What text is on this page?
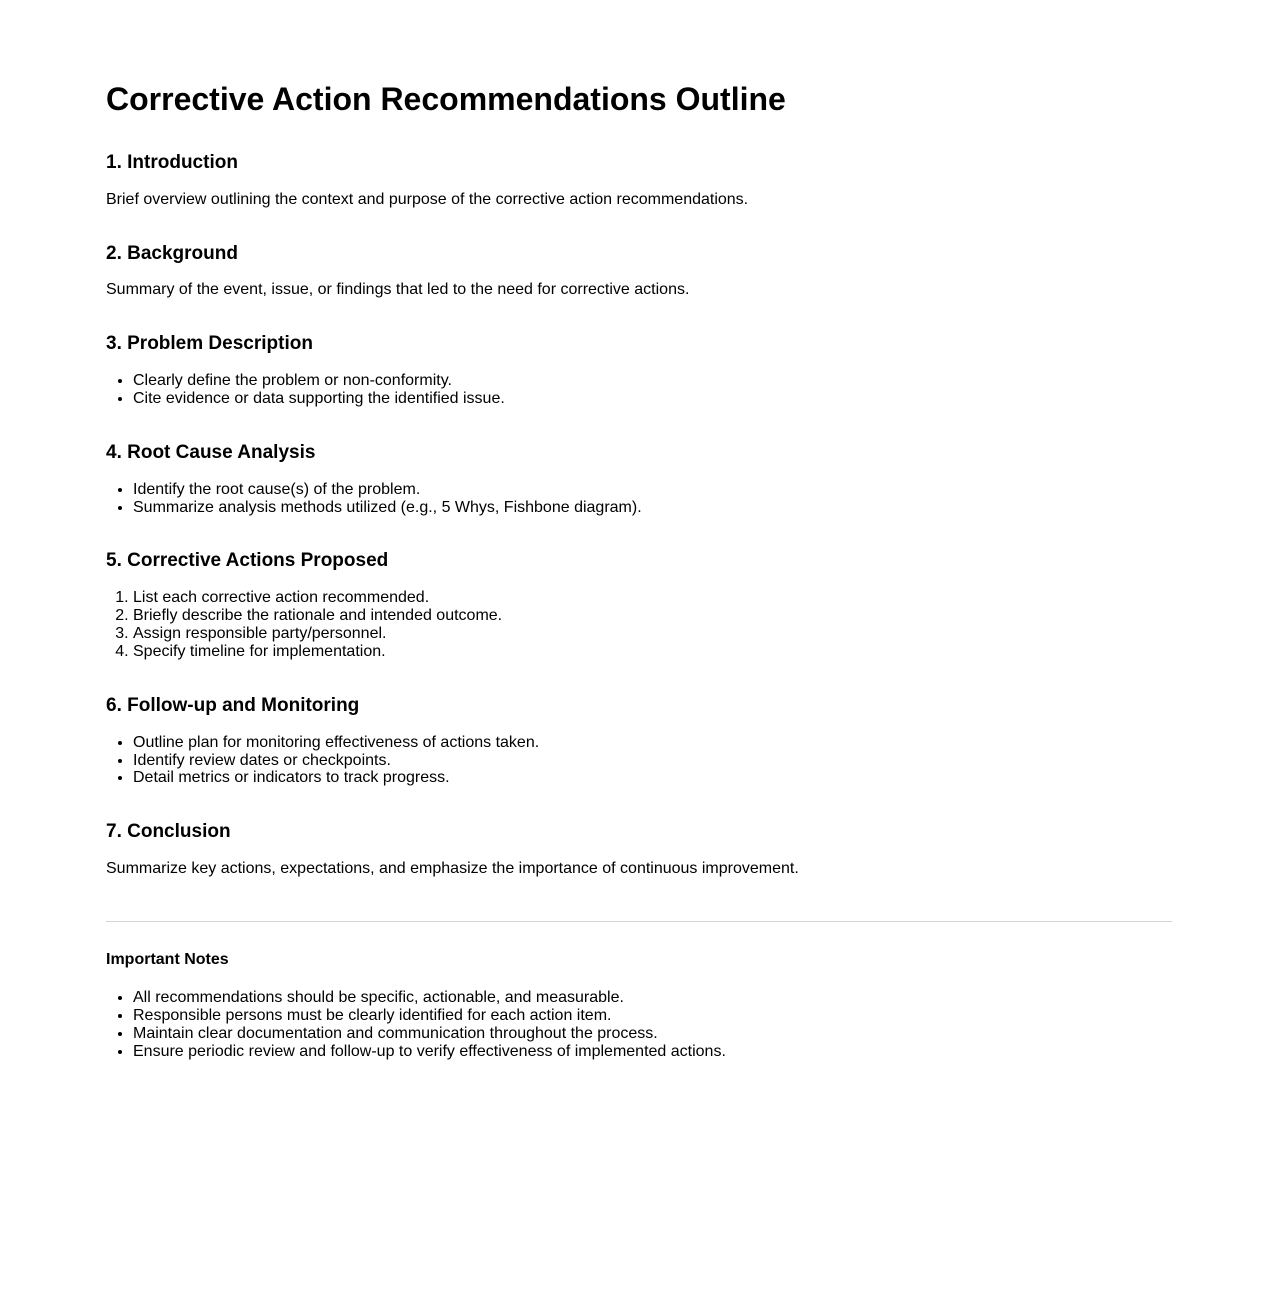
Corrective Action Recommendations Outline
1. Introduction

Brief overview outlining the context and purpose of the corrective action recommendations.

2. Background

Summary of the event, issue, or findings that led to the need for corrective actions.

3. Problem Description
• Clearly define the problem or non-conformity.
• Cite evidence or data supporting the identified issue.
4. Root Cause Analysis
• Identify the root cause(s) of the problem.
• Summarize analysis methods utilized (e.g., 5 Whys, Fishbone diagram).
5. Corrective Actions Proposed
1. List each corrective action recommended.
2. Briefly describe the rationale and intended outcome.
3. Assign responsible party/personnel.
4. Specify timeline for implementation.
6. Follow-up and Monitoring
• Outline plan for monitoring effectiveness of actions taken.
• Identify review dates or checkpoints.
• Detail metrics or indicators to track progress.
7. Conclusion

Summarize key actions, expectations, and emphasize the importance of continuous improvement.

Important Notes
• All recommendations should be specific, actionable, and measurable.
• Responsible persons must be clearly identified for each action item.
• Maintain clear documentation and communication throughout the process.
• Ensure periodic review and follow-up to verify effectiveness of implemented actions.
